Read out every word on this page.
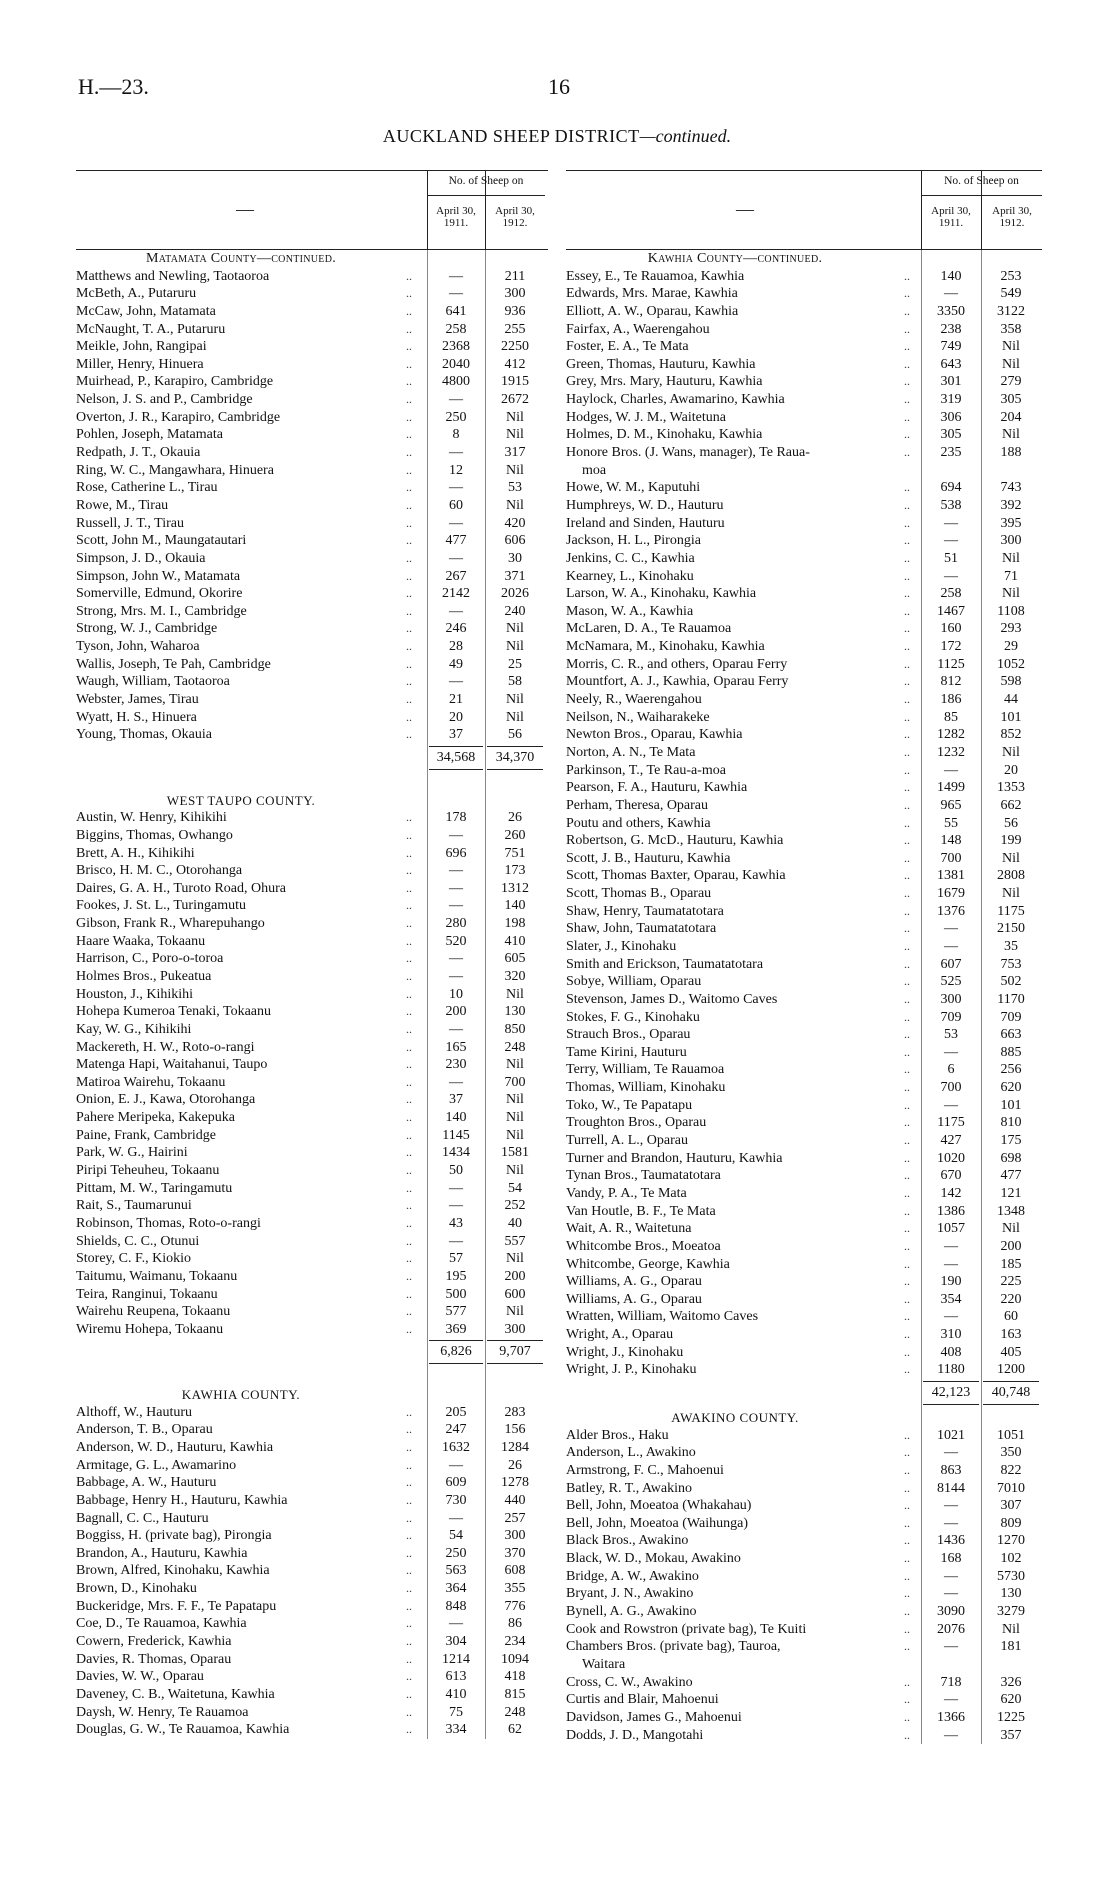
H.—23.	16
AUCKLAND SHEEP DISTRICT—continued.
—
No. of Sheep on
April 30, 1911.
April 30, 1912.
Matamata County—continued.
Matthews and Newling, Taotaoroa	..	—	211
McBeth, A., Putaruru	..	—	300
McCaw, John, Matamata	..	641	936
McNaught, T. A., Putaruru	..	258	255
Meikle, John, Rangipai	..	2368	2250
Miller, Henry, Hinuera	..	2040	412
Muirhead, P., Karapiro, Cambridge	..	4800	1915
Nelson, J. S. and P., Cambridge	..	—	2672
Overton, J. R., Karapiro, Cambridge	..	250	Nil
Pohlen, Joseph, Matamata	..	8	Nil
Redpath, J. T., Okauia	..	—	317
Ring, W. C., Mangawhara, Hinuera	..	12	Nil
Rose, Catherine L., Tirau	..	—	53
Rowe, M., Tirau	..	60	Nil
Russell, J. T., Tirau	..	—	420
Scott, John M., Maungatautari	..	477	606
Simpson, J. D., Okauia	..	—	30
Simpson, John W., Matamata	..	267	371
Somerville, Edmund, Okorire	..	2142	2026
Strong, Mrs. M. I., Cambridge	..	—	240
Strong, W. J., Cambridge	..	246	Nil
Tyson, John, Waharoa	..	28	Nil
Wallis, Joseph, Te Pah, Cambridge	..	49	25
Waugh, William, Taotaoroa	..	—	58
Webster, James, Tirau	..	21	Nil
Wyatt, H. S., Hinuera	..	20	Nil
Young, Thomas, Okauia	..	37	56
34,568	34,370
WEST TAUPO COUNTY.
Austin, W. Henry, Kihikihi	..	178	26
Biggins, Thomas, Owhango	..	—	260
Brett, A. H., Kihikihi	..	696	751
Brisco, H. M. C., Otorohanga	..	—	173
Daires, G. A. H., Turoto Road, Ohura	..	—	1312
Fookes, J. St. L., Turingamutu	..	—	140
Gibson, Frank R., Wharepuhango	..	280	198
Haare Waaka, Tokaanu	..	520	410
Harrison, C., Poro-o-toroa	..	—	605
Holmes Bros., Pukeatua	..	—	320
Houston, J., Kihikihi	..	10	Nil
Hohepa Kumeroa Tenaki, Tokaanu	..	200	130
Kay, W. G., Kihikihi	..	—	850
Mackereth, H. W., Roto-o-rangi	..	165	248
Matenga Hapi, Waitahanui, Taupo	..	230	Nil
Matiroa Wairehu, Tokaanu	..	—	700
Onion, E. J., Kawa, Otorohanga	..	37	Nil
Pahere Meripeka, Kakepuka	..	140	Nil
Paine, Frank, Cambridge	..	1145	Nil
Park, W. G., Hairini	..	1434	1581
Piripi Teheuheu, Tokaanu	..	50	Nil
Pittam, M. W., Taringamutu	..	—	54
Rait, S., Taumarunui	..	—	252
Robinson, Thomas, Roto-o-rangi	..	43	40
Shields, C. C., Otunui	..	—	557
Storey, C. F., Kiokio	..	57	Nil
Taitumu, Waimanu, Tokaanu	..	195	200
Teira, Ranginui, Tokaanu	..	500	600
Wairehu Reupena, Tokaanu	..	577	Nil
Wiremu Hohepa, Tokaanu	..	369	300
6,826	9,707
KAWHIA COUNTY.
Althoff, W., Hauturu	..	205	283
Anderson, T. B., Oparau	..	247	156
Anderson, W. D., Hauturu, Kawhia	..	1632	1284
Armitage, G. L., Awamarino	..	—	26
Babbage, A. W., Hauturu	..	609	1278
Babbage, Henry H., Hauturu, Kawhia	..	730	440
Bagnall, C. C., Hauturu	..	—	257
Boggiss, H. (private bag), Pirongia	..	54	300
Brandon, A., Hauturu, Kawhia	..	250	370
Brown, Alfred, Kinohaku, Kawhia	..	563	608
Brown, D., Kinohaku	..	364	355
Buckeridge, Mrs. F. F., Te Papatapu	..	848	776
Coe, D., Te Rauamoa, Kawhia	..	—	86
Cowern, Frederick, Kawhia	..	304	234
Davies, R. Thomas, Oparau	..	1214	1094
Davies, W. W., Oparau	..	613	418
Daveney, C. B., Waitetuna, Kawhia	..	410	815
Daysh, W. Henry, Te Rauamoa	..	75	248
Douglas, G. W., Te Rauamoa, Kawhia	..	334	62
—
No. of Sheep on
April 30, 1911.
April 30, 1912.
Kawhia County—continued.
Essey, E., Te Rauamoa, Kawhia	..	140	253
Edwards, Mrs. Marae, Kawhia	..	—	549
Elliott, A. W., Oparau, Kawhia	..	3350	3122
Fairfax, A., Waerengahou	..	238	358
Foster, E. A., Te Mata	..	749	Nil
Green, Thomas, Hauturu, Kawhia	..	643	Nil
Grey, Mrs. Mary, Hauturu, Kawhia	..	301	279
Haylock, Charles, Awamarino, Kawhia	..	319	305
Hodges, W. J. M., Waitetuna	..	306	204
Holmes, D. M., Kinohaku, Kawhia	..	305	Nil
Honore Bros. (J. Wans, manager), Te Raua-	..	235	188
moa
Howe, W. M., Kaputuhi	..	694	743
Humphreys, W. D., Hauturu	..	538	392
Ireland and Sinden, Hauturu	..	—	395
Jackson, H. L., Pirongia	..	—	300
Jenkins, C. C., Kawhia	..	51	Nil
Kearney, L., Kinohaku	..	—	71
Larson, W. A., Kinohaku, Kawhia	..	258	Nil
Mason, W. A., Kawhia	..	1467	1108
McLaren, D. A., Te Rauamoa	..	160	293
McNamara, M., Kinohaku, Kawhia	..	172	29
Morris, C. R., and others, Oparau Ferry	..	1125	1052
Mountfort, A. J., Kawhia, Oparau Ferry	..	812	598
Neely, R., Waerengahou	..	186	44
Neilson, N., Waiharakeke	..	85	101
Newton Bros., Oparau, Kawhia	..	1282	852
Norton, A. N., Te Mata	..	1232	Nil
Parkinson, T., Te Rau-a-moa	..	—	20
Pearson, F. A., Hauturu, Kawhia	..	1499	1353
Perham, Theresa, Oparau	..	965	662
Poutu and others, Kawhia	..	55	56
Robertson, G. McD., Hauturu, Kawhia	..	148	199
Scott, J. B., Hauturu, Kawhia	..	700	Nil
Scott, Thomas Baxter, Oparau, Kawhia	..	1381	2808
Scott, Thomas B., Oparau	..	1679	Nil
Shaw, Henry, Taumatatotara	..	1376	1175
Shaw, John, Taumatatotara	..	—	2150
Slater, J., Kinohaku	..	—	35
Smith and Erickson, Taumatatotara	..	607	753
Sobye, William, Oparau	..	525	502
Stevenson, James D., Waitomo Caves	..	300	1170
Stokes, F. G., Kinohaku	..	709	709
Strauch Bros., Oparau	..	53	663
Tame Kirini, Hauturu	..	—	885
Terry, William, Te Rauamoa	..	6	256
Thomas, William, Kinohaku	..	700	620
Toko, W., Te Papatapu	..	—	101
Troughton Bros., Oparau	..	1175	810
Turrell, A. L., Oparau	..	427	175
Turner and Brandon, Hauturu, Kawhia	..	1020	698
Tynan Bros., Taumatatotara	..	670	477
Vandy, P. A., Te Mata	..	142	121
Van Houtle, B. F., Te Mata	..	1386	1348
Wait, A. R., Waitetuna	..	1057	Nil
Whitcombe Bros., Moeatoa	..	—	200
Whitcombe, George, Kawhia	..	—	185
Williams, A. G., Oparau	..	190	225
Williams, A. G., Oparau	..	354	220
Wratten, William, Waitomo Caves	..	—	60
Wright, A., Oparau	..	310	163
Wright, J., Kinohaku	..	408	405
Wright, J. P., Kinohaku	..	1180	1200
42,123	40,748
AWAKINO COUNTY.
Alder Bros., Haku	..	1021	1051
Anderson, L., Awakino	..	—	350
Armstrong, F. C., Mahoenui	..	863	822
Batley, R. T., Awakino	..	8144	7010
Bell, John, Moeatoa (Whakahau)	..	—	307
Bell, John, Moeatoa (Waihunga)	..	—	809
Black Bros., Awakino	..	1436	1270
Black, W. D., Mokau, Awakino	..	168	102
Bridge, A. W., Awakino	..	—	5730
Bryant, J. N., Awakino	..	—	130
Bynell, A. G., Awakino	..	3090	3279
Cook and Rowstron (private bag), Te Kuiti	..	2076	Nil
Chambers Bros. (private bag), Tauroa,	..	—	181
Waitara
Cross, C. W., Awakino	..	718	326
Curtis and Blair, Mahoenui	..	—	620
Davidson, James G., Mahoenui	..	1366	1225
Dodds, J. D., Mangotahi	..	—	357
